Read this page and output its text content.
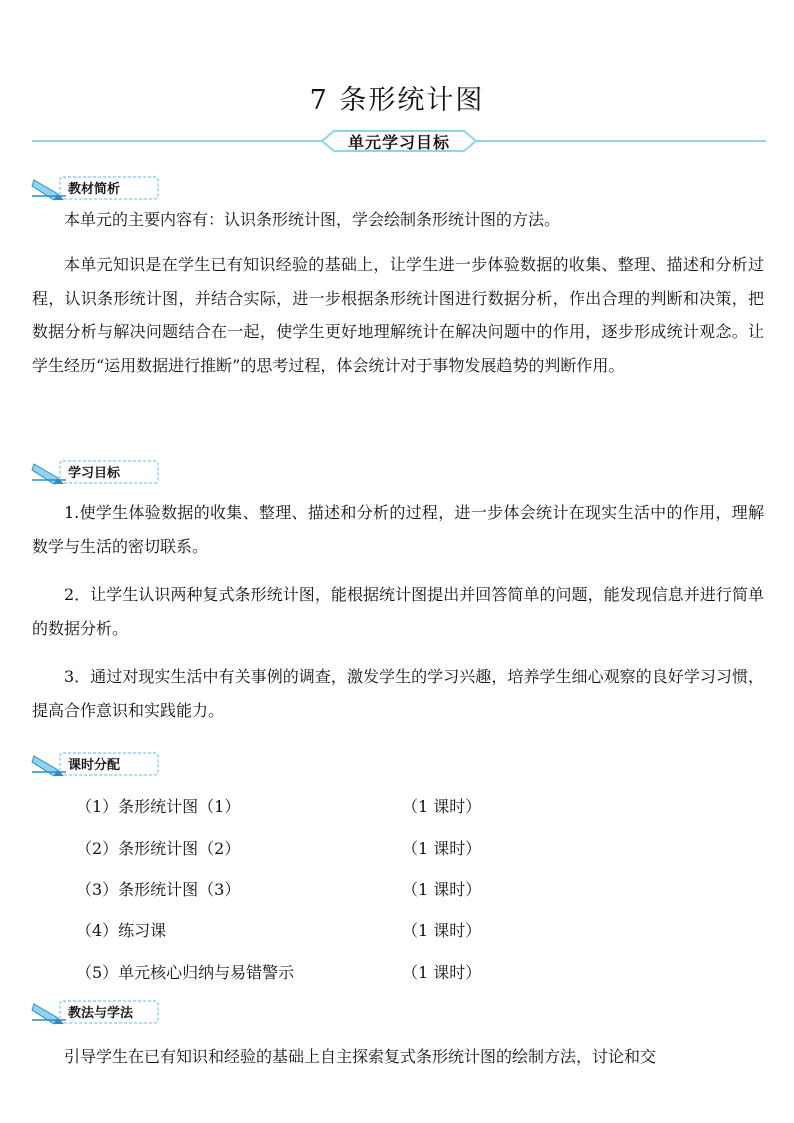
7 条形统计图
单元学习目标
教材简析

本单元的主要内容有：认识条形统计图，学会绘制条形统计图的方法。

本单元知识是在学生已有知识经验的基础上，让学生进一步体验数据的收集、整理、描述和分析过程，认识条形统计图，并结合实际，进一步根据条形统计图进行数据分析，作出合理的判断和决策，把数据分析与解决问题结合在一起，使学生更好地理解统计在解决问题中的作用，逐步形成统计观念。让学生经历“运用数据进行推断”的思考过程，体会统计对于事物发展趋势的判断作用。

学习目标

1.使学生体验数据的收集、整理、描述和分析的过程，进一步体会统计在现实生活中的作用，理解数学与生活的密切联系。

2．让学生认识两种复式条形统计图，能根据统计图提出并回答简单的问题，能发现信息并进行简单的数据分析。

3．通过对现实生活中有关事例的调查，激发学生的学习兴趣，培养学生细心观察的良好学习习惯，提高合作意识和实践能力。

课时分配
（1）条形统计图（1）	（1 课时）
（2）条形统计图（2）	（1 课时）
（3）条形统计图（3）	（1 课时）
（4）练习课	（1 课时）
（5）单元核心归纳与易错警示	（1 课时）
教法与学法

引导学生在已有知识和经验的基础上自主探索复式条形统计图的绘制方法，讨论和交
